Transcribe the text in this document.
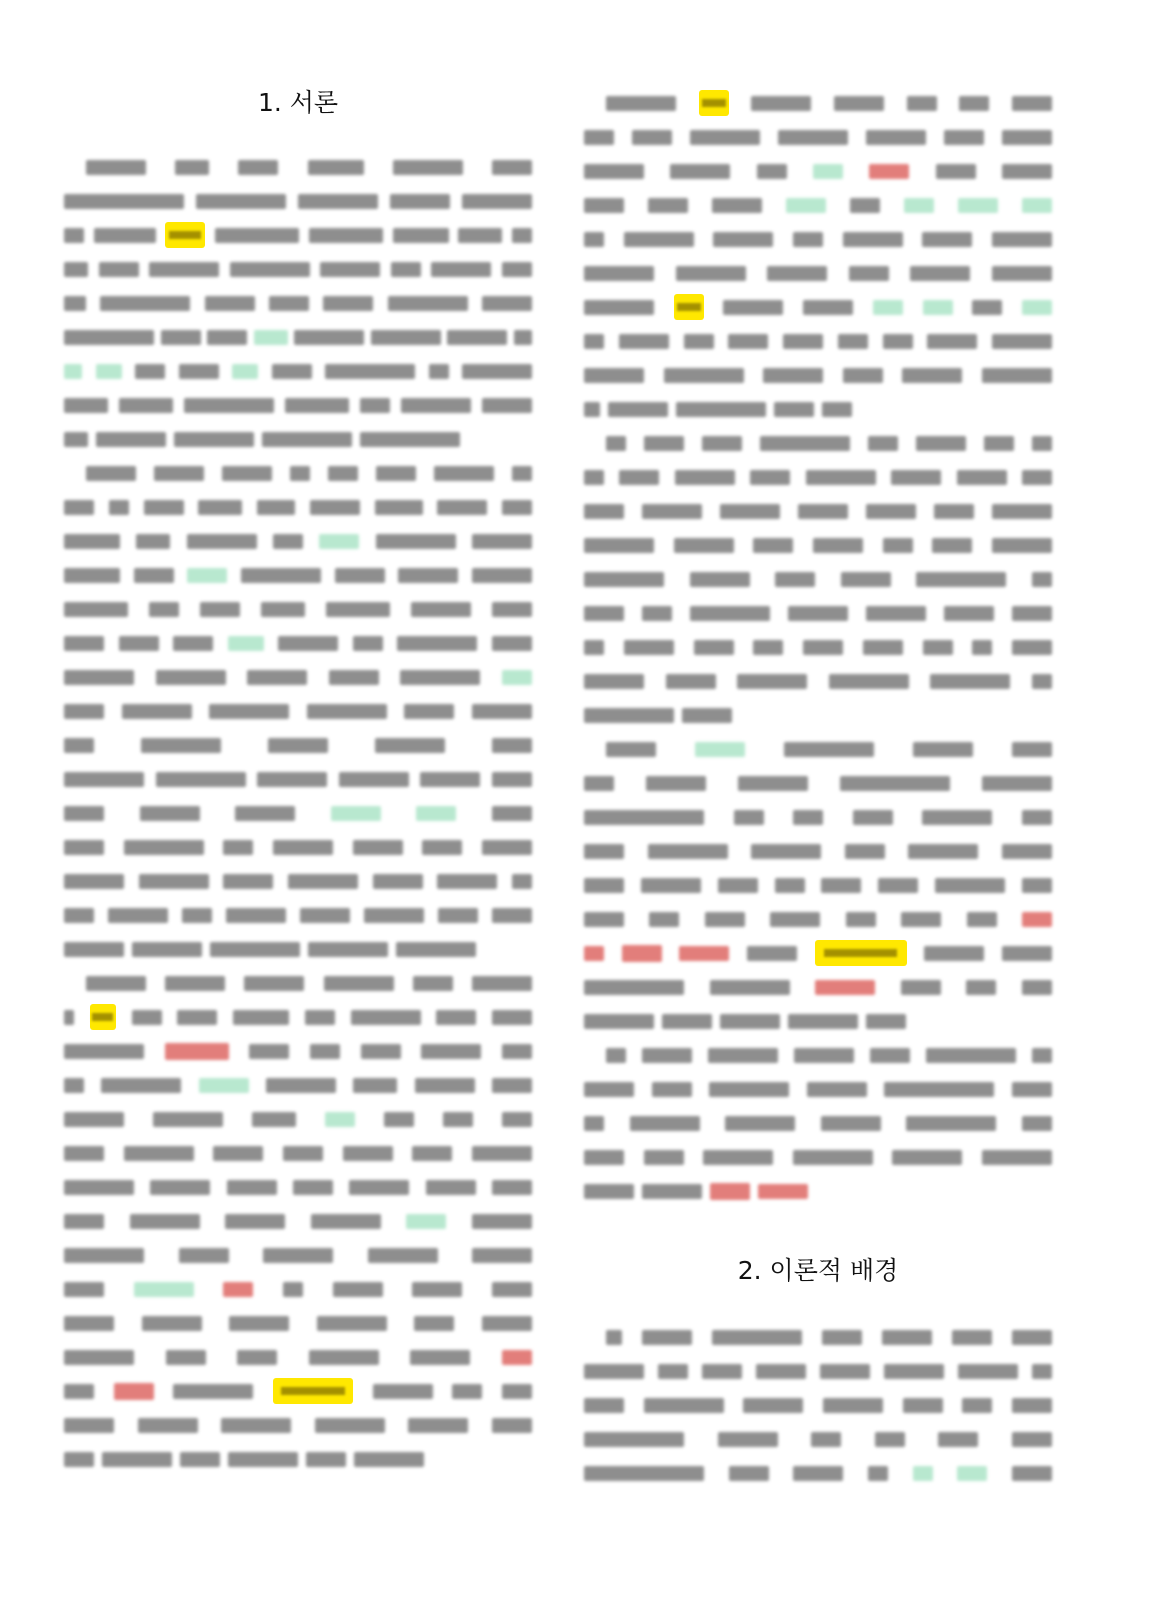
1. 서론
2. 이론적 배경
